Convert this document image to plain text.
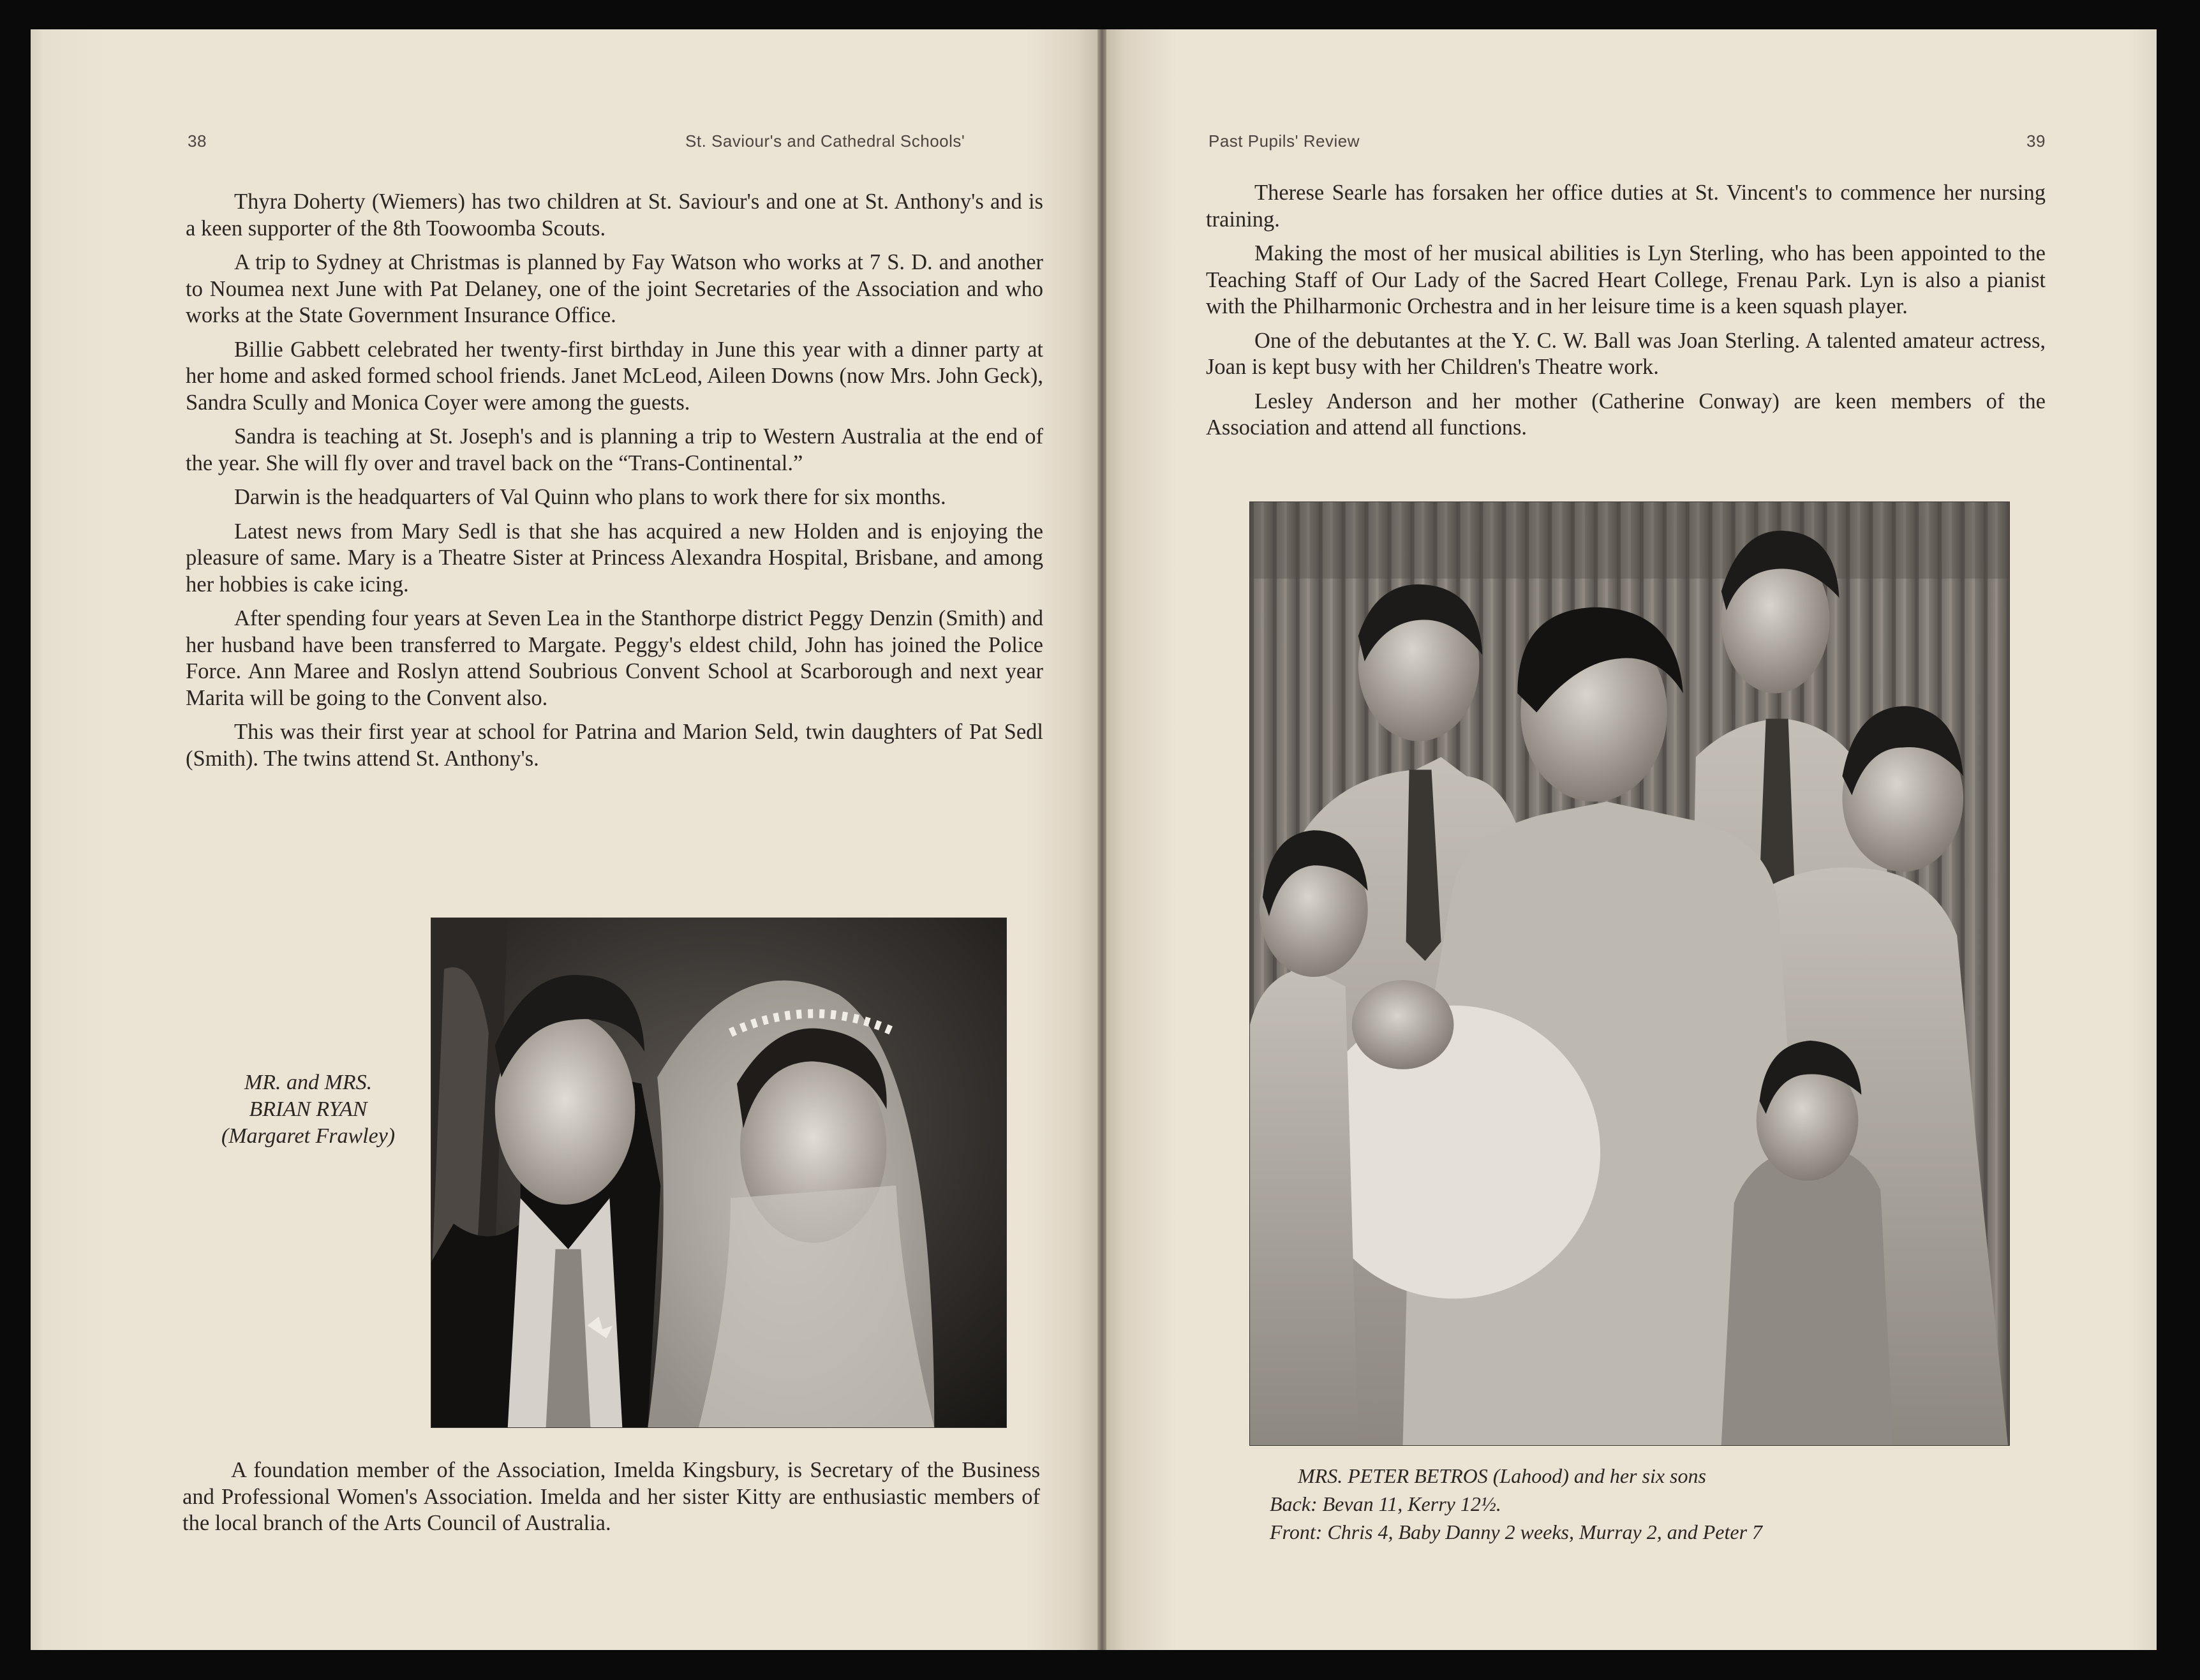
38	St. Saviour's and Cathedral Schools'

Thyra Doherty (Wiemers) has two children at St. Saviour's and one at St. Anthony's and is a keen supporter of the 8th Toowoomba Scouts.

A trip to Sydney at Christmas is planned by Fay Watson who works at 7 S. D. and another to Noumea next June with Pat Delaney, one of the joint Secretaries of the Association and who works at the State Government Insurance Office.

Billie Gabbett celebrated her twenty-first birthday in June this year with a dinner party at her home and asked formed school friends. Janet McLeod, Aileen Downs (now Mrs. John Geck), Sandra Scully and Monica Coyer were among the guests.

Sandra is teaching at St. Joseph's and is planning a trip to Western Australia at the end of the year. She will fly over and travel back on the “Trans-Continental.”

Darwin is the headquarters of Val Quinn who plans to work there for six months.

Latest news from Mary Sedl is that she has acquired a new Holden and is enjoying the pleasure of same. Mary is a Theatre Sister at Princess Alexandra Hospital, Brisbane, and among her hobbies is cake icing.

After spending four years at Seven Lea in the Stanthorpe district Peggy Denzin (Smith) and her husband have been transferred to Margate. Peggy's eldest child, John has joined the Police Force. Ann Maree and Roslyn attend Soubrious Convent School at Scarborough and next year Marita will be going to the Convent also.

This was their first year at school for Patrina and Marion Seld, twin daughters of Pat Sedl (Smith). The twins attend St. Anthony's.

MR. and MRS.
BRIAN RYAN
(Margaret Frawley)

A foundation member of the Association, Imelda Kingsbury, is Secretary of the Business and Professional Women's Association. Imelda and her sister Kitty are enthusiastic members of the local branch of the Arts Council of Australia.

Past Pupils' Review	39

Therese Searle has forsaken her office duties at St. Vincent's to commence her nursing training.

Making the most of her musical abilities is Lyn Sterling, who has been appointed to the Teaching Staff of Our Lady of the Sacred Heart College, Frenau Park. Lyn is also a pianist with the Philharmonic Orchestra and in her leisure time is a keen squash player.

One of the debutantes at the Y. C. W. Ball was Joan Sterling. A talented amateur actress, Joan is kept busy with her Children's Theatre work.

Lesley Anderson and her mother (Catherine Conway) are keen members of the Association and attend all functions.

MRS. PETER BETROS (Lahood) and her six sons
Back: Bevan 11, Kerry 12½.
Front: Chris 4, Baby Danny 2 weeks, Murray 2, and Peter 7
